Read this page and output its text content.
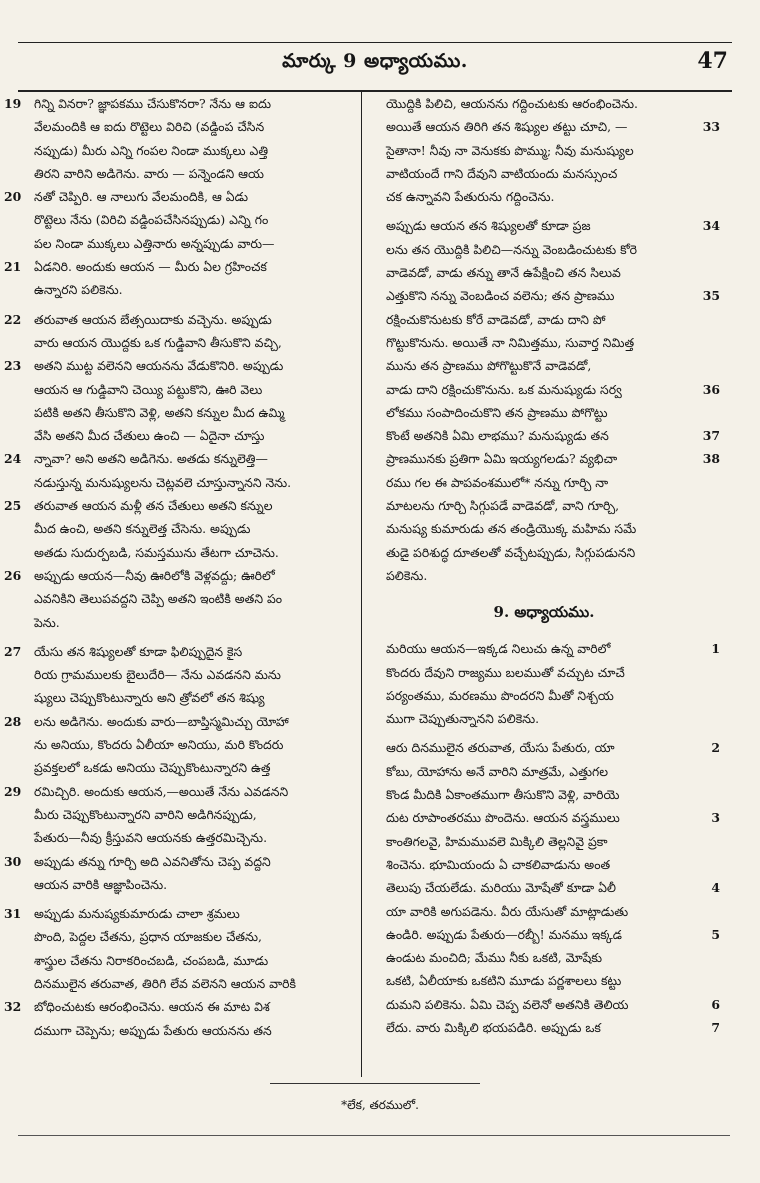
మార్కు 9 అధ్యాయము.	47
19 గిన్ని వినరా? జ్ఞాపకము చేసుకొనరా? నేను ఆ ఐదు
వేలమందికి ఆ ఐదు రొట్టెలు విరిచి (వడ్డింప చేసిన
నప్పుడు) మీరు ఎన్ని గంపల నిండా ముక్కలు ఎత్తి
తిరని వారిని అడిగెను. వారు — పన్నెండని ఆయ
20 నతో చెప్పిరి. ఆ నాలుగు వేలమందికి, ఆ ఏడు
రొట్టెలు నేను (విరిచి వడ్డింపచేసినప్పుడు) ఎన్ని గం
పల నిండా ముక్కలు ఎత్తినారు అన్నప్పుడు వారు—
21 ఏడనిరి. అందుకు ఆయన — మీరు ఏల గ్రహించక
ఉన్నారని పలికెను.
22 తరువాత ఆయన బేత్సయిదాకు వచ్చెను. అప్పుడు
వారు ఆయన యొద్దకు ఒక గుడ్డివాని తీసుకొని వచ్చి,
23 అతని ముట్ట వలెనని ఆయనను వేడుకొనిరి. అప్పుడు
ఆయన ఆ గుడ్డివాని చెయ్యి పట్టుకొని, ఊరి వెలు
పటికి అతని తీసుకొని వెళ్లి, అతని కన్నుల మీద ఉమ్మి
వేసి అతని మీద చేతులు ఉంచి — ఏదైనా చూస్తు
24 న్నావా? అని అతని అడిగెను. అతడు కన్నులెత్తి—
నడుస్తున్న మనుష్యులను చెట్లవలె చూస్తున్నానని నెను.
25 తరువాత ఆయన మళ్లీ తన చేతులు అతని కన్నుల
మీద ఉంచి, అతని కన్నులెత్త చేసెను. అప్పుడు
అతడు సుదుర్పబడి, సమస్తమును తేటగా చూచెను.
26 అప్పుడు ఆయన—నీవు ఊరిలోకి వెళ్లవద్దు; ఊరిలో
ఎవనికిని తెలుపవద్దని చెప్పి అతని ఇంటికి అతని పం
పెను.
27 యేసు తన శిష్యులతో కూడా ఫిలిప్పుదైన కైస
రియ గ్రామములకు బైలుదేరి— నేను ఎవడనని మను
ష్యులు చెప్పుకొంటున్నారు అని త్రోవలో తన శిష్యు
28 లను అడిగెను. అందుకు వారు—బాప్తిస్మమిచ్చు యోహా
ను అనియు, కొందరు ఏలీయా అనియు, మరి కొందరు
ప్రవక్తలలో ఒకడు అనియు చెప్పుకొంటున్నారని ఉత్త
29 రమిచ్చిరి. అందుకు ఆయన,—అయితే నేను ఎవడనని
మీరు చెప్పుకొంటున్నారని వారిని అడిగినప్పుడు,
పేతురు—నీవు క్రీస్తువని ఆయనకు ఉత్తరమిచ్చెను.
30 అప్పుడు తన్ను గూర్చి అది ఎవనితోను చెప్ప వద్దని
ఆయన వారికి ఆజ్ఞాపించెను.
31 అప్పుడు మనుష్యకుమారుడు చాలా శ్రమలు
పొంది, పెద్దల చేతను, ప్రధాన యాజకుల చేతను,
శాస్త్రుల చేతను నిరాకరించబడి, చంపబడి, మూడు
దినములైన తరువాత, తిరిగి లేవ వలెనని ఆయన వారికి
32 బోధించుటకు ఆరంభించెను. ఆయన ఈ మాట విశ
దముగా చెప్పెను; అప్పుడు పేతురు ఆయనను తన
యొద్దికి పిలిచి, ఆయనను గద్దించుటకు ఆరంభించెను.
33
అయితే ఆయన తిరిగి తన శిష్యుల తట్టు చూచి, —
సైతానా! నీవు నా వెనుకకు పొమ్ము; నీవు మనుష్యుల
వాటియందే గాని దేవుని వాటియందు మనస్సుంచ
చక ఉన్నావని పేతురును గద్దించెను.
34
అప్పుడు ఆయన తన శిష్యులతో కూడా ప్రజ
లను తన యొద్దికి పిలిచి—నన్ను వెంబడించుటకు కోరె
వాడెవడో, వాడు తన్ను తానే ఉపేక్షించి తన సిలువ
35
ఎత్తుకొని నన్ను వెంబడించ వలెను; తన ప్రాణము
రక్షించుకొనుటకు కోరే వాడెవడో, వాడు దాని పో
గొట్టుకొనును. అయితే నా నిమిత్తము, సువార్త నిమిత్త
మును తన ప్రాణము పోగొట్టుకొనే వాడెవడో,
36
వాడు దాని రక్షించుకొనును. ఒక మనుష్యుడు సర్వ
లోకము సంపాదించుకొని తన ప్రాణము పోగొట్టు
37
కొంటే అతనికి ఏమి లాభము? మనుష్యుడు తన
38
ప్రాణమునకు ప్రతిగా ఏమి ఇయ్యగలడు? వ్యభిచా
రము గల ఈ పాపవంశములో* నన్ను గూర్చి నా
మాటలను గూర్చి సిగ్గుపడే వాడెవడో, వాని గూర్చి,
మనుష్య కుమారుడు తన తండ్రియొక్క మహిమ సమే
తుడై పరిశుద్ధ దూతలతో వచ్చేటప్పుడు, సిగ్గుపడునని
పలికెను.
9. అధ్యాయము.
1
మరియు ఆయన—ఇక్కడ నిలుచు ఉన్న వారిలో
కొందరు దేవుని రాజ్యము బలముతో వచ్చుట చూచే
పర్యంతము, మరణము పొందరని మీతో నిశ్చయ
ముగా చెప్పుతున్నానని పలికెను.
2
ఆరు దినములైన తరువాత, యేసు పేతురు, యా
కోబు, యోహాను అనే వారిని మాత్రమే, ఎత్తుగల
కొండ మీదికి ఏకాంతముగా తీసుకొని వెళ్లి, వారియె
3
దుట రూపాంతరము పొందెను. ఆయన వస్త్రములు
కాంతిగలవై, హిమమువలె మిక్కిలి తెల్లనివై ప్రకా
శించెను. భూమియందు ఏ చాకలివాడును అంత
4
తెలుపు చేయలేడు. మరియు మోషేతో కూడా ఏలీ
యా వారికి అగుపడెను. వీరు యేసుతో మాట్లాడుతు
5
ఉండిరి. అప్పుడు పేతురు—రబ్బీ! మనము ఇక్కడ
ఉండుట మంచిది; మేము నీకు ఒకటి, మోషేకు
ఒకటి, ఏలీయాకు ఒకటిని మూడు పర్ణశాలలు కట్టు
6
దుమని పలికెను. ఏమి చెప్ప వలెనో అతనికి తెలియ
7
లేదు. వారు మిక్కిలి భయపడిరి. అప్పుడు ఒక
*లేక, తరములో.
